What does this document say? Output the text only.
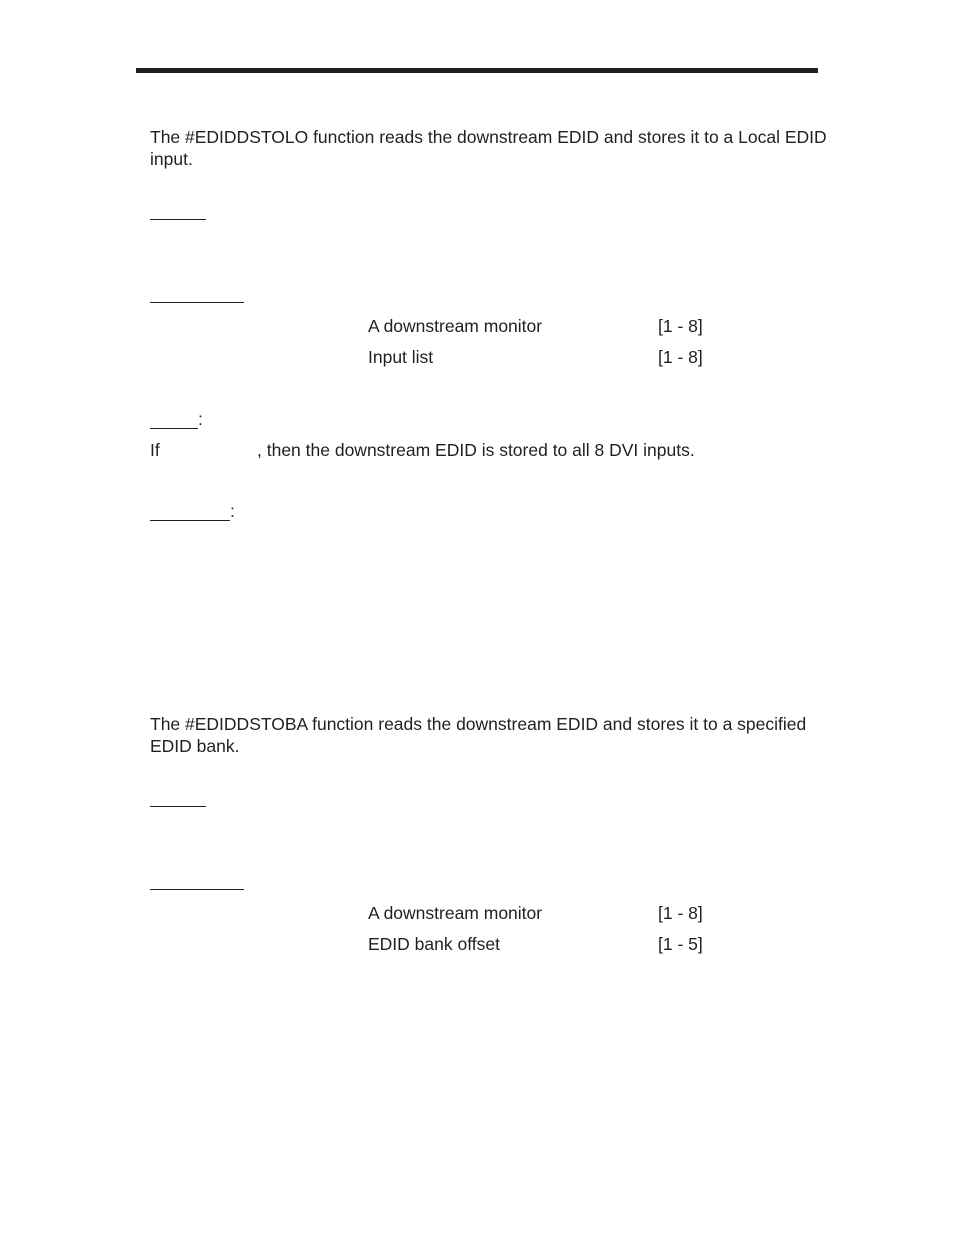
The #EDIDDSTOLO function reads the downstream EDID and stores it to a Local EDID input.
A downstream monitor	[1 - 8]
Input list	[1 - 8]
:
If	, then the downstream EDID is stored to all 8 DVI inputs.
:
The #EDIDDSTOBA function reads the downstream EDID and stores it to a specified EDID bank.
A downstream monitor	[1 - 8]
EDID bank offset	[1 - 5]
